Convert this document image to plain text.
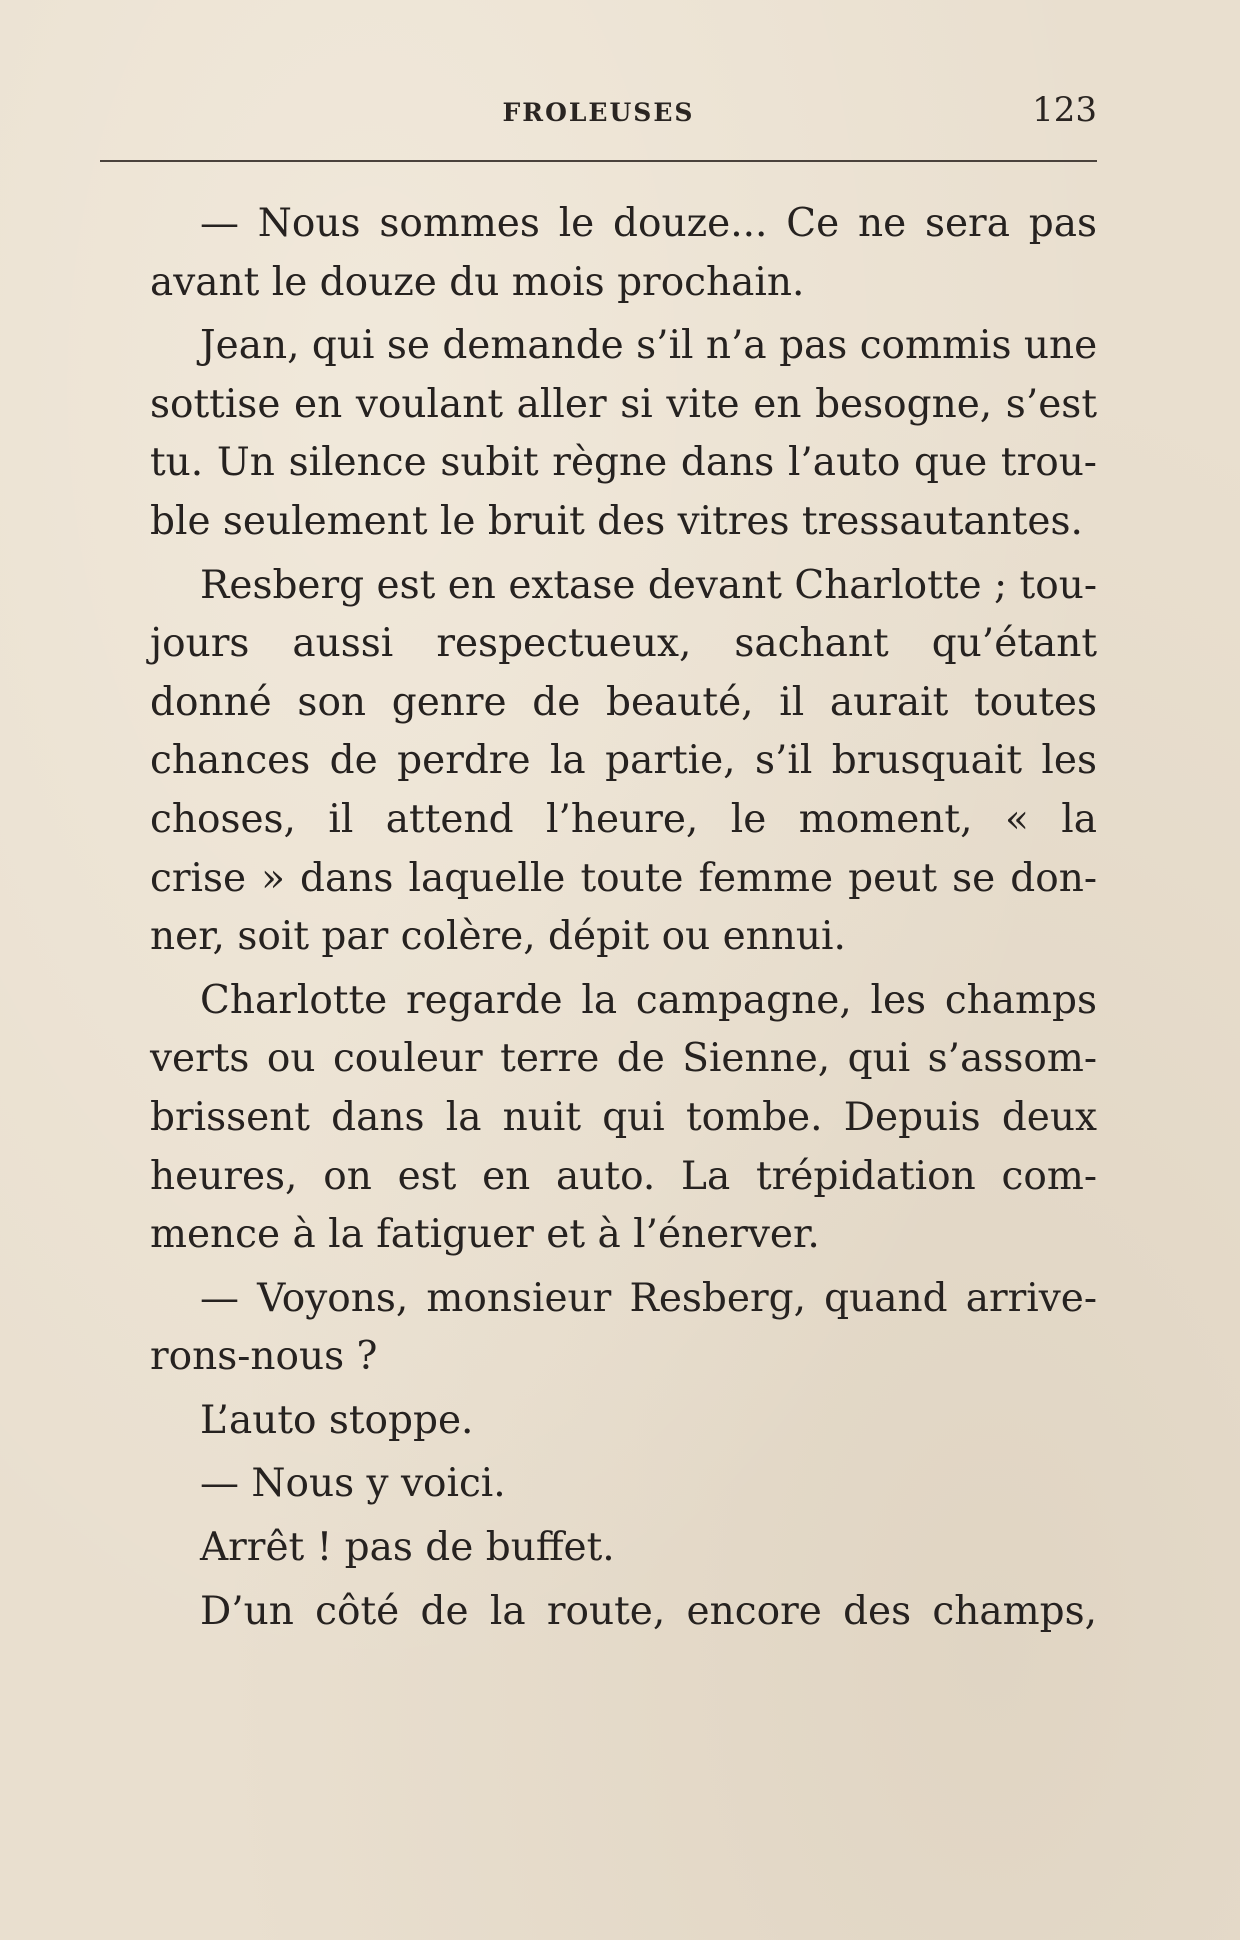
FROLEUSES	123
— Nous sommes le douze... Ce ne sera pas
avant le douze du mois prochain.
Jean, qui se demande s’il n’a pas commis une
sottise en voulant aller si vite en besogne, s’est
tu. Un silence subit règne dans l’auto que trou-
ble seulement le bruit des vitres tressautantes.
Resberg est en extase devant Charlotte ; tou-
jours aussi respectueux, sachant qu’étant
donné son genre de beauté, il aurait toutes
chances de perdre la partie, s’il brusquait les
choses, il attend l’heure, le moment, « la
crise » dans laquelle toute femme peut se don-
ner, soit par colère, dépit ou ennui.
Charlotte regarde la campagne, les champs
verts ou couleur terre de Sienne, qui s’assom-
brissent dans la nuit qui tombe. Depuis deux
heures, on est en auto. La trépidation com-
mence à la fatiguer et à l’énerver.
— Voyons, monsieur Resberg, quand arrive-
rons-nous ?
L’auto stoppe.
— Nous y voici.
Arrêt ! pas de buffet.
D’un côté de la route, encore des champs,
